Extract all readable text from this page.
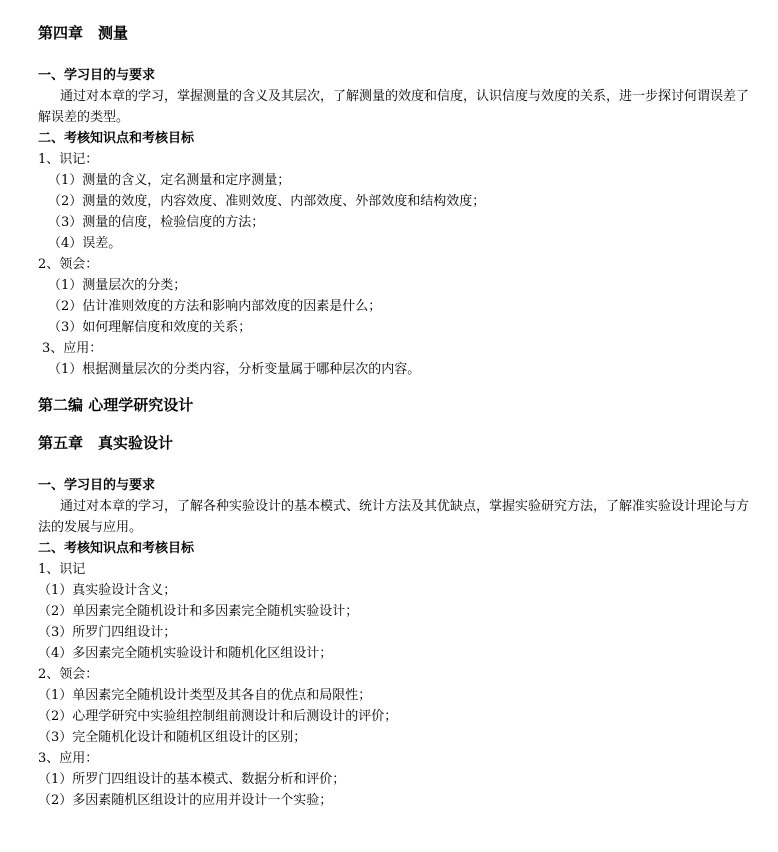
第四章　测量
一、学习目的与要求
通过对本章的学习，掌握测量的含义及其层次，了解测量的效度和信度，认识信度与效度的关系，进一步探讨何谓误差了解误差的类型。
二、考核知识点和考核目标
1、识记：
（1）测量的含义，定名测量和定序测量；
（2）测量的效度，内容效度、准则效度、内部效度、外部效度和结构效度；
（3）测量的信度，检验信度的方法；
（4）误差。
2、领会：
（1）测量层次的分类；
（2）估计准则效度的方法和影响内部效度的因素是什么；
（3）如何理解信度和效度的关系；
3、应用：
（1）根据测量层次的分类内容，分析变量属于哪种层次的内容。
第二编 心理学研究设计
第五章　真实验设计
一、学习目的与要求
通过对本章的学习，了解各种实验设计的基本模式、统计方法及其优缺点，掌握实验研究方法，了解准实验设计理论与方法的发展与应用。
二、考核知识点和考核目标
1、识记
（1）真实验设计含义；
（2）单因素完全随机设计和多因素完全随机实验设计；
（3）所罗门四组设计；
（4）多因素完全随机实验设计和随机化区组设计；
2、领会：
（1）单因素完全随机设计类型及其各自的优点和局限性；
（2）心理学研究中实验组控制组前测设计和后测设计的评价；
（3）完全随机化设计和随机区组设计的区别；
3、应用：
（1）所罗门四组设计的基本模式、数据分析和评价；
（2）多因素随机区组设计的应用并设计一个实验；
